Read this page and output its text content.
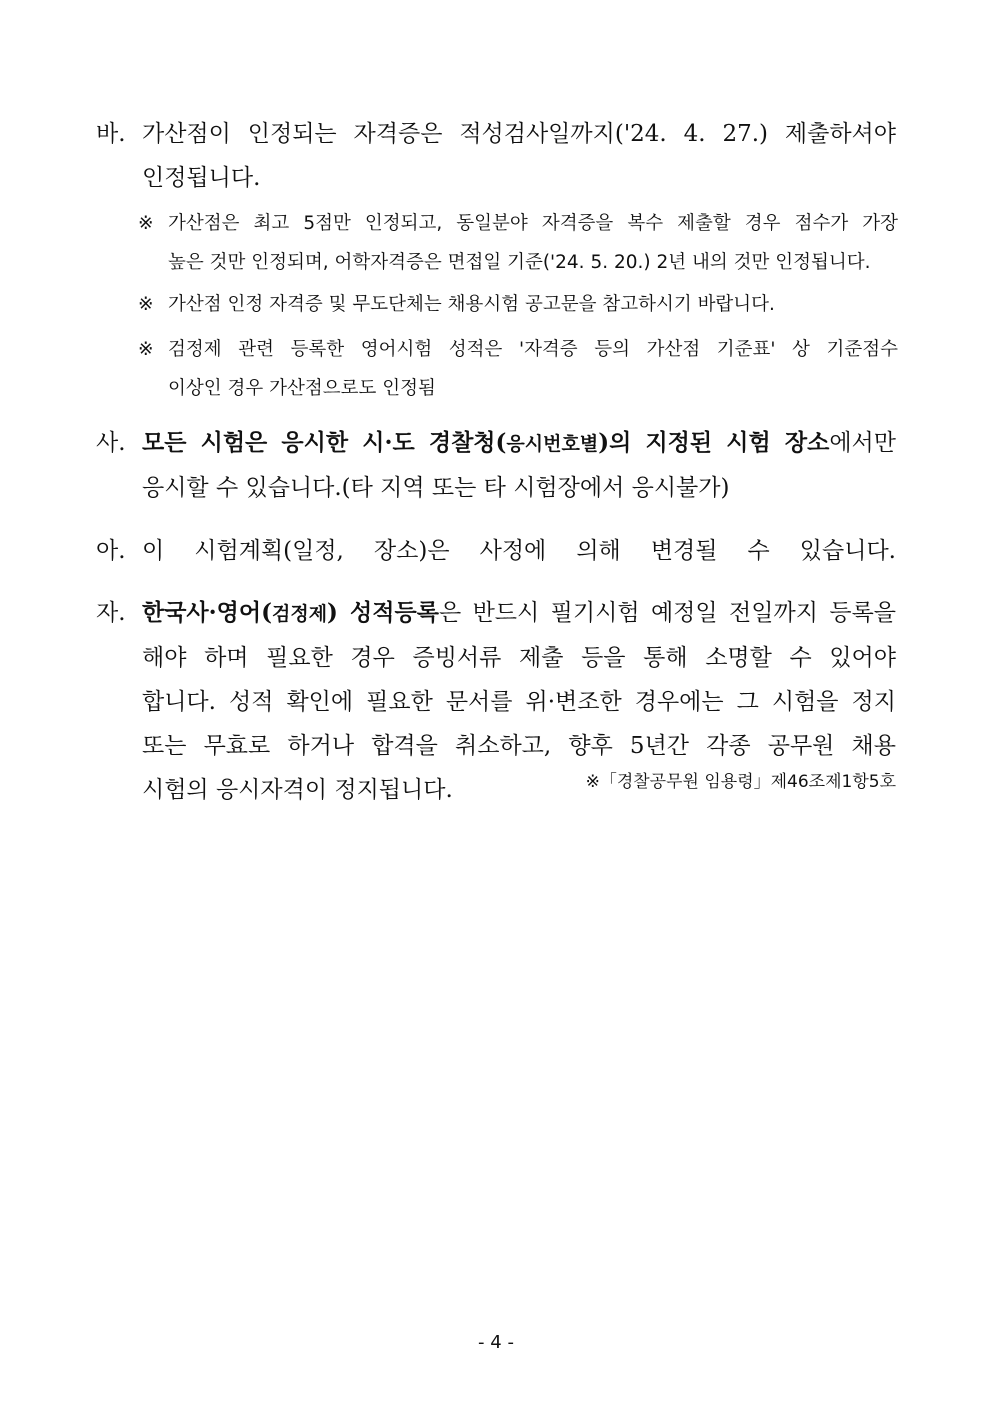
바. 가산점이 인정되는 자격증은 적성검사일까지('24. 4. 27.) 제출하셔야
인정됩니다.
※ 가산점은 최고 5점만 인정되고, 동일분야 자격증을 복수 제출할 경우 점수가 가장
높은 것만 인정되며, 어학자격증은 면접일 기준('24. 5. 20.) 2년 내의 것만 인정됩니다.
※ 가산점 인정 자격증 및 무도단체는 채용시험 공고문을 참고하시기 바랍니다.
※ 검정제 관련 등록한 영어시험 성적은 '자격증 등의 가산점 기준표' 상 기준점수
이상인 경우 가산점으로도 인정됨
사. 모든 시험은 응시한 시·도 경찰청(응시번호별)의 지정된 시험 장소에서만
응시할 수 있습니다.(타 지역 또는 타 시험장에서 응시불가)
아. 이 시험계획(일정, 장소)은 사정에 의해 변경될 수 있습니다.
자. 한국사·영어(검정제) 성적등록은 반드시 필기시험 예정일 전일까지 등록을
해야 하며 필요한 경우 증빙서류 제출 등을 통해 소명할 수 있어야
합니다. 성적 확인에 필요한 문서를 위·변조한 경우에는 그 시험을 정지
또는 무효로 하거나 합격을 취소하고, 향후 5년간 각종 공무원 채용
시험의 응시자격이 정지됩니다.	※「경찰공무원 임용령」제46조제1항5호
- 4 -
